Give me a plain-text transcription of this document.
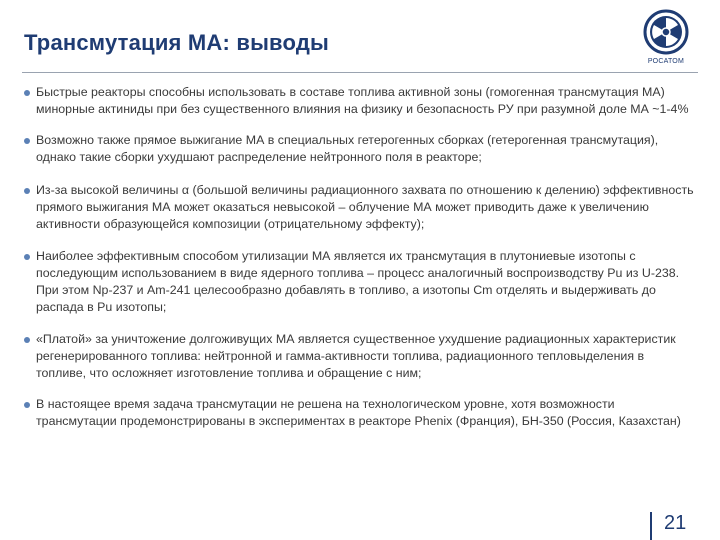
Трансмутация МА: выводы
РОСАТОМ
Быстрые реакторы способны использовать в составе топлива активной зоны (гомогенная трансмутация МА) минорные актиниды при без существенного влияния на физику и безопасность РУ при разумной доле МА ~1-4%
Возможно также прямое выжигание МА в специальных гетерогенных сборках (гетерогенная трансмутация), однако такие сборки ухудшают распределение нейтронного поля в реакторе;
Из-за высокой величины α (большой величины радиационного захвата по отношению к делению) эффективность прямого выжигания МА может оказаться невысокой – облучение МА может приводить даже к увеличению активности образующейся композиции (отрицательному эффекту);
Наиболее эффективным способом утилизации МА является их трансмутация в плутониевые изотопы с последующим использованием в виде ядерного топлива – процесс аналогичный воспроизводству Pu из U-238. При этом Np-237 и Am-241 целесообразно добавлять в топливо, а изотопы Cm отделять и выдерживать до распада в Pu изотопы;
«Платой» за уничтожение долгоживущих МА является существенное ухудшение радиационных характеристик регенерированного топлива: нейтронной и гамма-активности топлива, радиационного тепловыделения в топливе, что осложняет изготовление топлива и обращение с ним;
В настоящее время задача трансмутации не решена на технологическом уровне, хотя возможности трансмутации продемонстрированы в экспериментах в реакторе Phenix (Франция), БН-350 (Россия, Казахстан)
21
